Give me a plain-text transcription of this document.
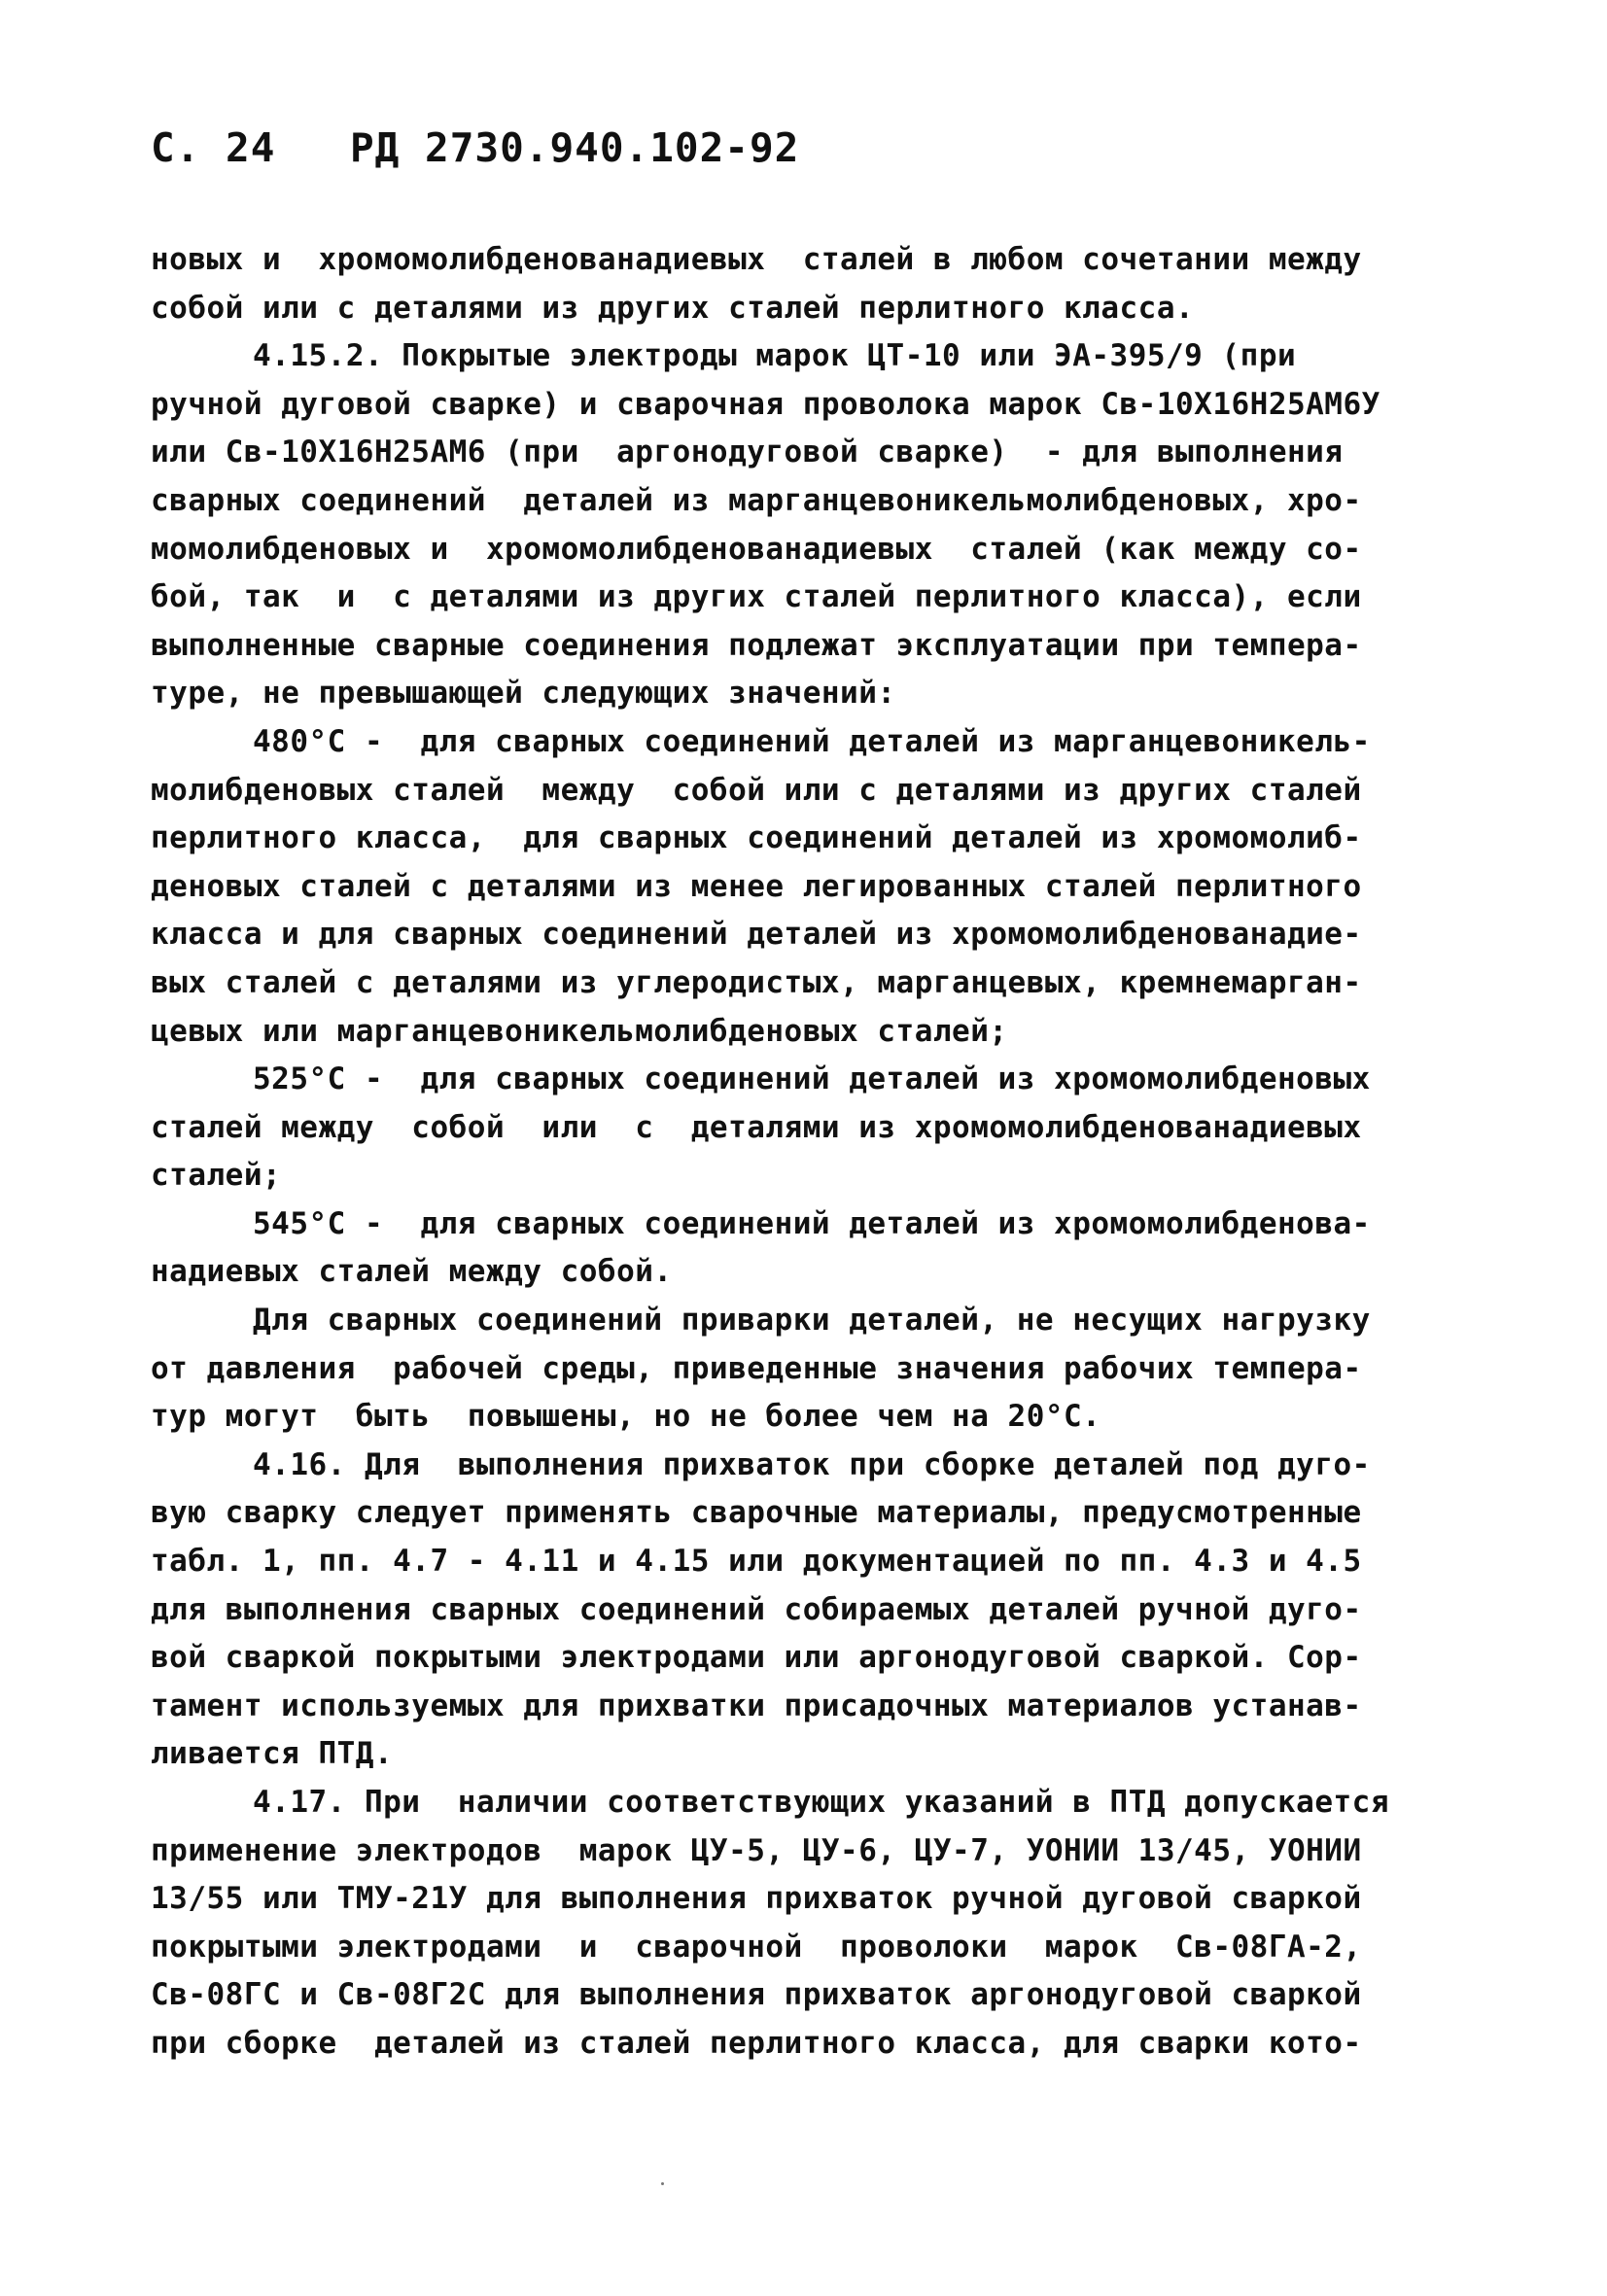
С. 24 РД 2730.940.102-92
новых и  хромомолибденованадиевых  сталей в любом сочетании между
собой или с деталями из других сталей перлитного класса.
4.15.2. Покрытые электроды марок ЦТ-10 или ЭА-395/9 (при
ручной дуговой сварке) и сварочная проволока марок Св-10Х16Н25АМ6У
или Св-10Х16Н25АМ6 (при  аргонодуговой сварке)  - для выполнения
сварных соединений  деталей из марганцевоникельмолибденовых, хро-
момолибденовых и  хромомолибденованадиевых  сталей (как между со-
бой, так  и  с деталями из других сталей перлитного класса), если
выполненные сварные соединения подлежат эксплуатации при темпера-
туре, не превышающей следующих значений:
480°С -  для сварных соединений деталей из марганцевоникель-
молибденовых сталей  между  собой или с деталями из других сталей
перлитного класса,  для сварных соединений деталей из хромомолиб-
деновых сталей с деталями из менее легированных сталей перлитного
класса и для сварных соединений деталей из хромомолибденованадие-
вых сталей с деталями из углеродистых, марганцевых, кремнемарган-
цевых или марганцевоникельмолибденовых сталей;
525°С -  для сварных соединений деталей из хромомолибденовых
сталей между  собой  или  с  деталями из хромомолибденованадиевых
сталей;
545°С -  для сварных соединений деталей из хромомолибденова-
надиевых сталей между собой.
Для сварных соединений приварки деталей, не несущих нагрузку
от давления  рабочей среды, приведенные значения рабочих темпера-
тур могут  быть  повышены, но не более чем на 20°С.
4.16. Для  выполнения прихваток при сборке деталей под дуго-
вую сварку следует применять сварочные материалы, предусмотренные
табл. 1, пп. 4.7 - 4.11 и 4.15 или документацией по пп. 4.3 и 4.5
для выполнения сварных соединений собираемых деталей ручной дуго-
вой сваркой покрытыми электродами или аргонодуговой сваркой. Сор-
тамент используемых для прихватки присадочных материалов устанав-
ливается ПТД.
4.17. При  наличии соответствующих указаний в ПТД допускается
применение электродов  марок ЦУ-5, ЦУ-6, ЦУ-7, УОНИИ 13/45, УОНИИ
13/55 или ТМУ-21У для выполнения прихваток ручной дуговой сваркой
покрытыми электродами  и  сварочной  проволоки  марок  Св-08ГА-2,
Св-08ГС и Св-08Г2С для выполнения прихваток аргонодуговой сваркой
при сборке  деталей из сталей перлитного класса, для сварки кото-
